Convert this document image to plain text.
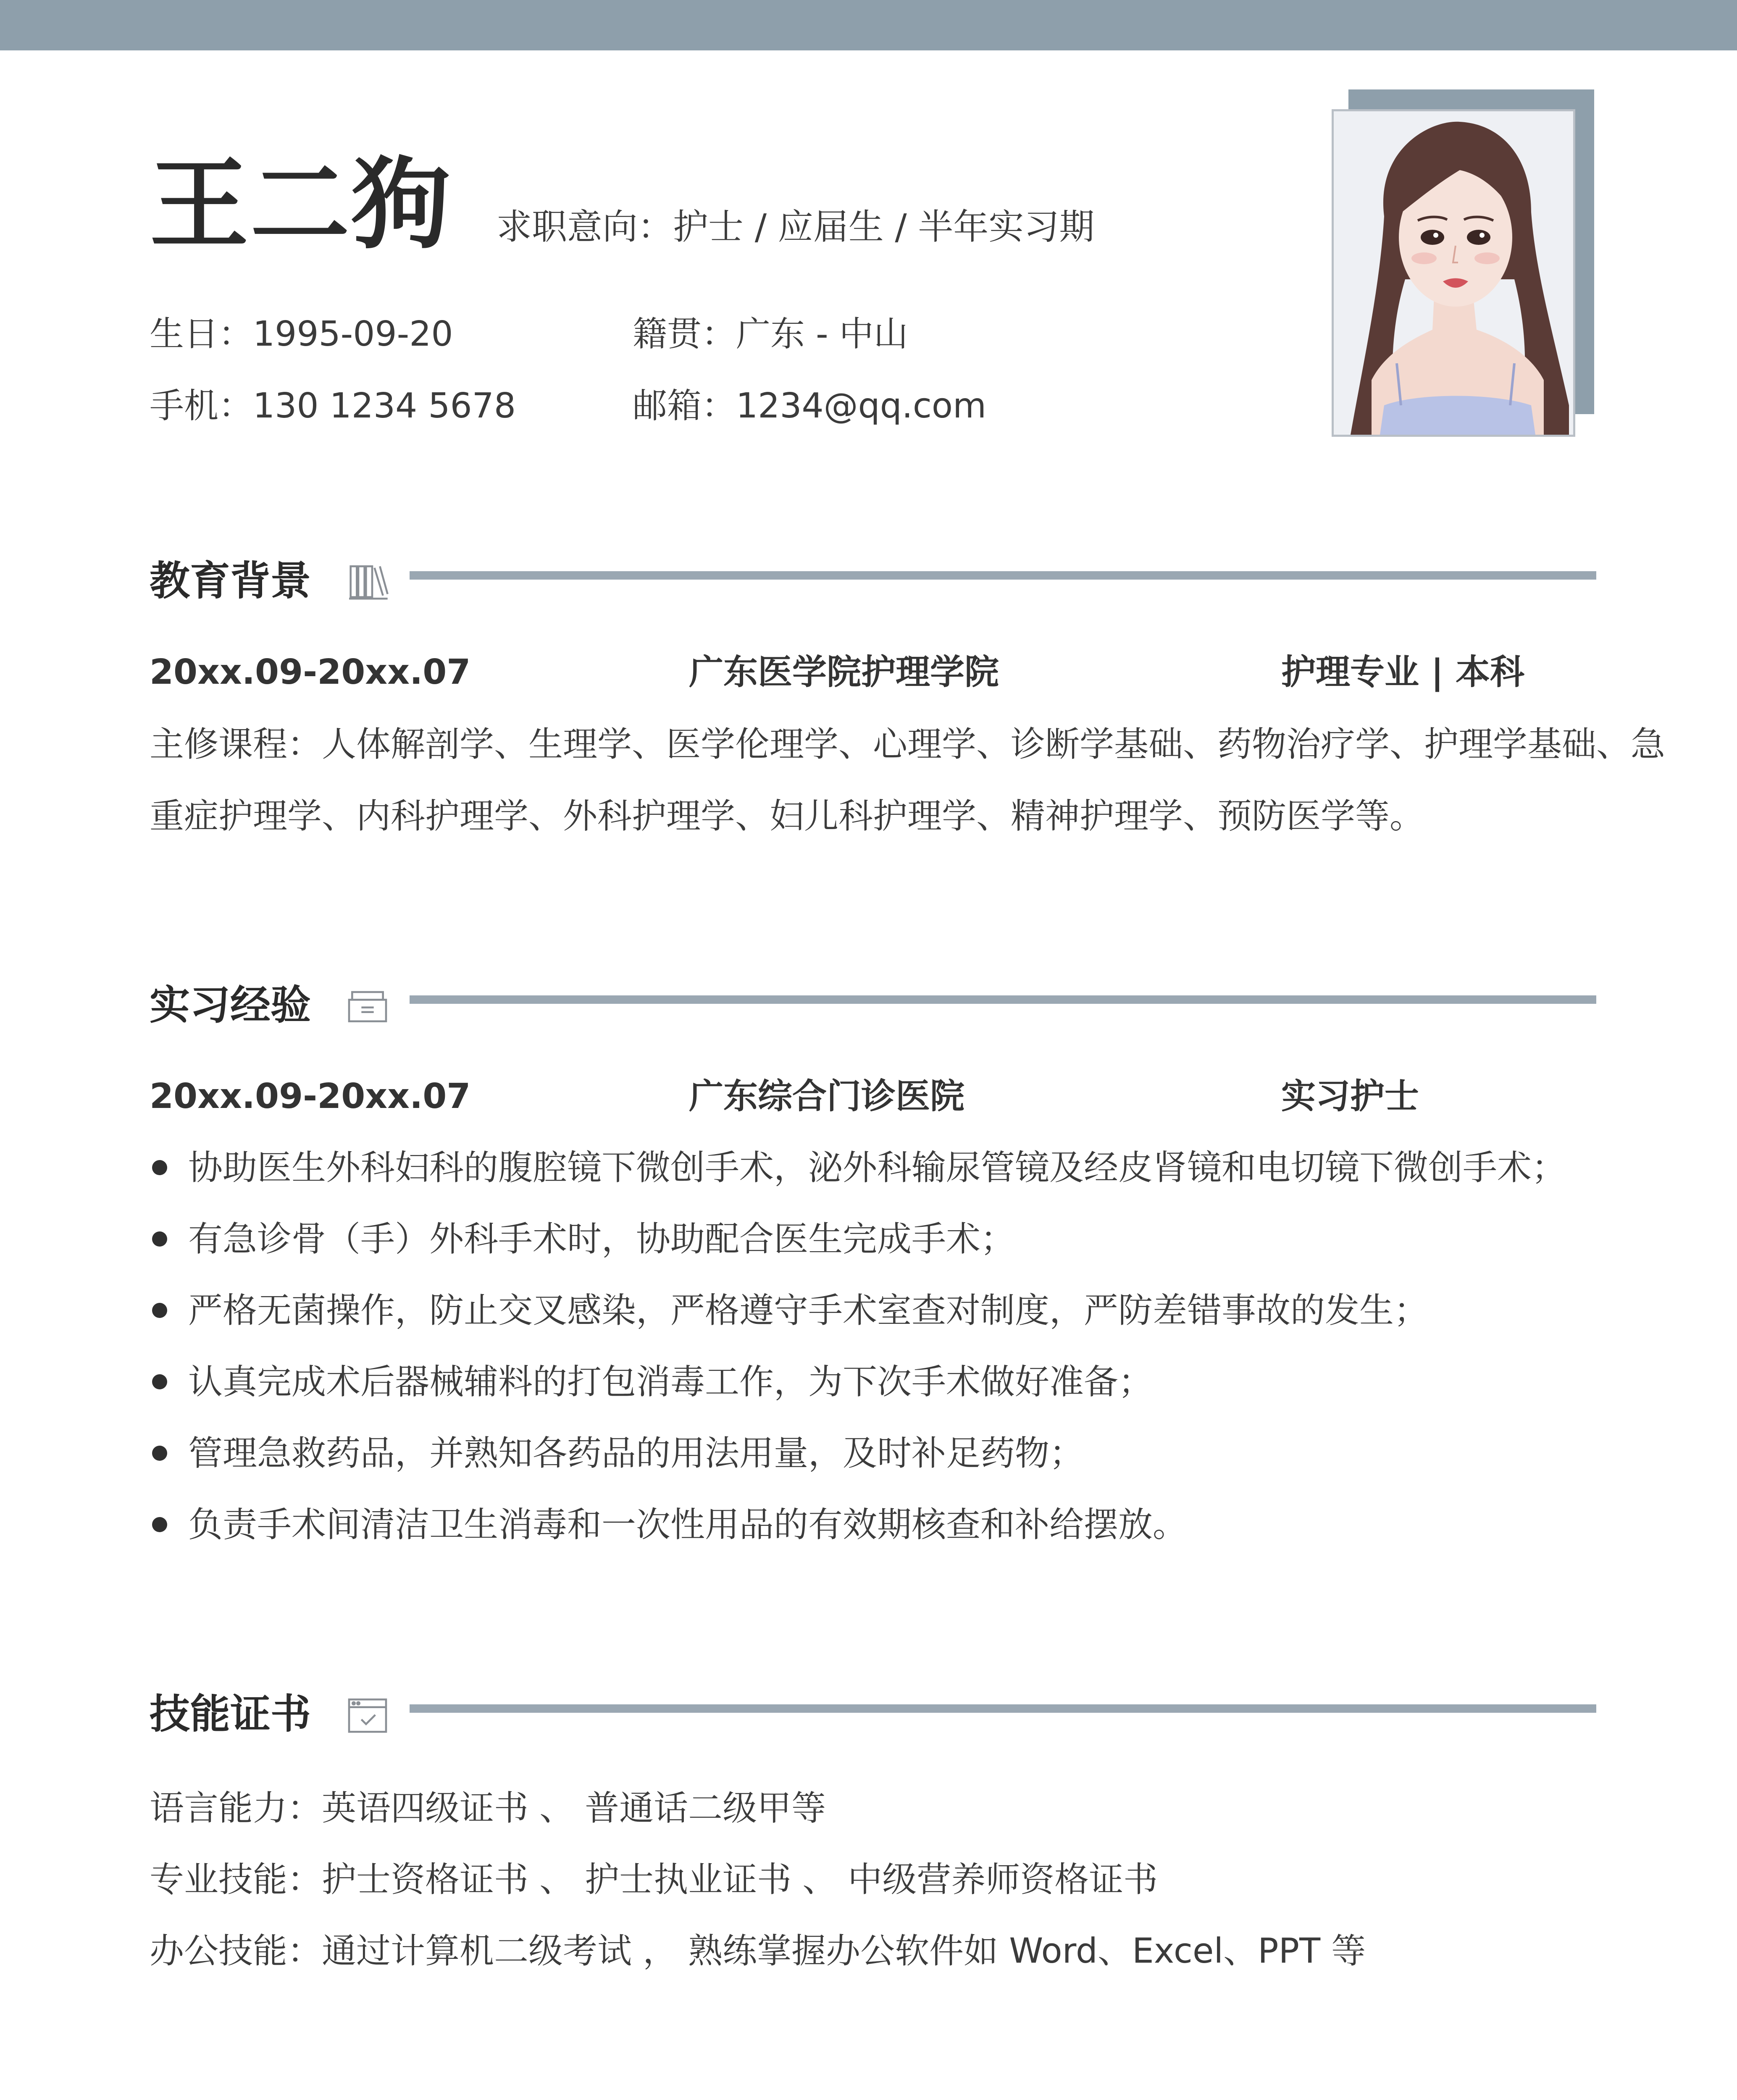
王二狗 求职意向：护士 / 应届生 / 半年实习期
生日：1995-09-20	籍贯：广东 - 中山
手机：130 1234 5678	邮箱：1234@qq.com
教育背景
20xx.09-20xx.07	广东医学院护理学院	护理专业 | 本科
主修课程：人体解剖学、生理学、医学伦理学、心理学、诊断学基础、药物治疗学、护理学基础、急
重症护理学、内科护理学、外科护理学、妇儿科护理学、精神护理学、预防医学等。
实习经验
20xx.09-20xx.07	广东综合门诊医院	实习护士
协助医生外科妇科的腹腔镜下微创手术，泌外科输尿管镜及经皮肾镜和电切镜下微创手术；
有急诊骨（手）外科手术时，协助配合医生完成手术；
严格无菌操作，防止交叉感染，严格遵守手术室查对制度，严防差错事故的发生；
认真完成术后器械辅料的打包消毒工作，为下次手术做好准备；
管理急救药品，并熟知各药品的用法用量，及时补足药物；
负责手术间清洁卫生消毒和一次性用品的有效期核查和补给摆放。
技能证书
语言能力：英语四级证书 、 普通话二级甲等
专业技能：护士资格证书 、 护士执业证书 、 中级营养师资格证书
办公技能：通过计算机二级考试 ， 熟练掌握办公软件如 Word、Excel、PPT 等
